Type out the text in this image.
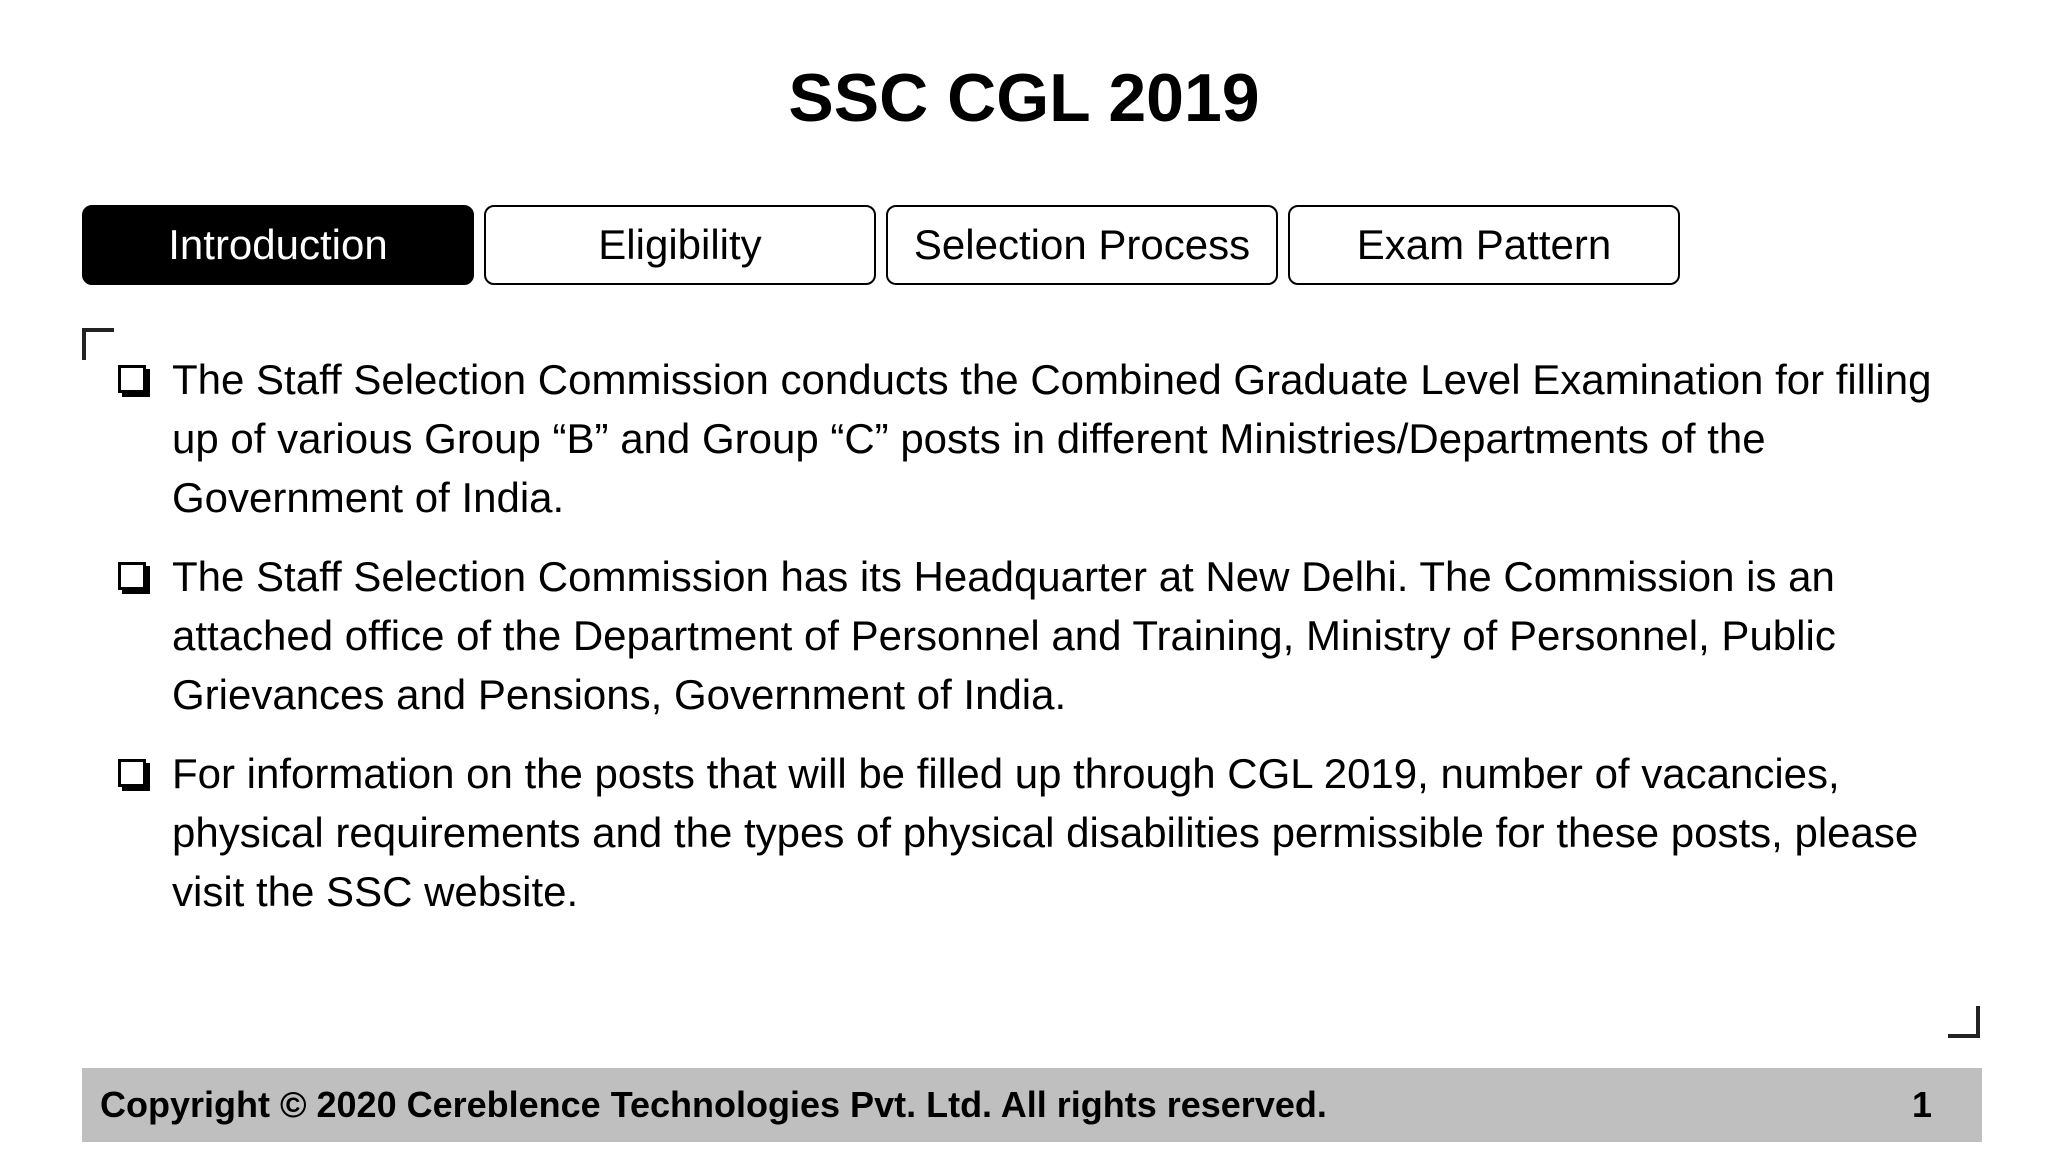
SSC CGL 2019
Introduction	Eligibility	Selection Process	Exam Pattern
The Staff Selection Commission conducts the Combined Graduate Level Examination for filling up of various Group “B” and Group “C” posts in different Ministries/Departments of the Government of India.
The Staff Selection Commission has its Headquarter at New Delhi. The Commission is an attached office of the Department of Personnel and Training, Ministry of Personnel, Public Grievances and Pensions, Government of India.
For information on the posts that will be filled up through CGL 2019, number of vacancies, physical requirements and the types of physical disabilities permissible for these posts, please visit the SSC website.
Copyright © 2020 Cereblence Technologies Pvt. Ltd. All rights reserved.	1
